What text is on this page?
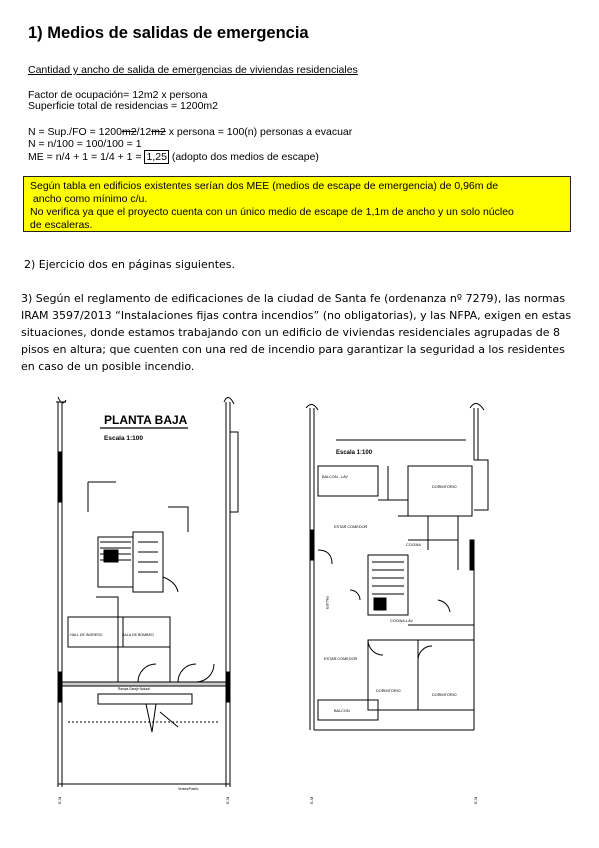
1) Medios de salidas de emergencia
Cantidad y ancho de salida de emergencias de viviendas residenciales
Factor de ocupación= 12m2 x persona
Superficie total de residencias = 1200m2
N = Sup./FO = 1200m2/12m2 x persona = 100(n) personas a evacuar
N = n/100 = 100/100 = 1
ME = n/4 + 1 = 1/4 + 1 = 1,25 (adopto dos medios de escape)
Según tabla en edificios existentes serían dos MEE (medios de escape de emergencia) de 0,96m de
ancho como mínimo c/u.
No verifica ya que el proyecto cuenta con un único medio de escape de 1,1m de ancho y un solo núcleo
de escaleras.
2) Ejercicio dos en páginas siguientes.
3) Según el reglamento de edificaciones de la ciudad de Santa fe (ordenanza nº 7279), las normas
IRAM 3597/2013 “Instalaciones fijas contra incendios” (no obligatorias), y las NFPA, exigen en estas
situaciones, donde estamos trabajando con un edificio de viviendas residenciales agrupadas de 8
pisos en altura; que cuenten con una red de incendio para garantizar la seguridad a los residentes
en caso de un posible incendio.
PLANTA BAJA
Escala 1:100
HALL DE INGRESO	SALA DE BOMBEO
Rampa Garaje Natural
Vereda/Pasillo
E-M	E-M
Escala 1:100
BALCON - LAV
DORMITORIO
ESTAR COMEDOR
COCINA
PALIER
COCINA-LAV
ESTAR COMEDOR
DORMITORIO
DORMITORIO
BALCON
E-M	E-M
